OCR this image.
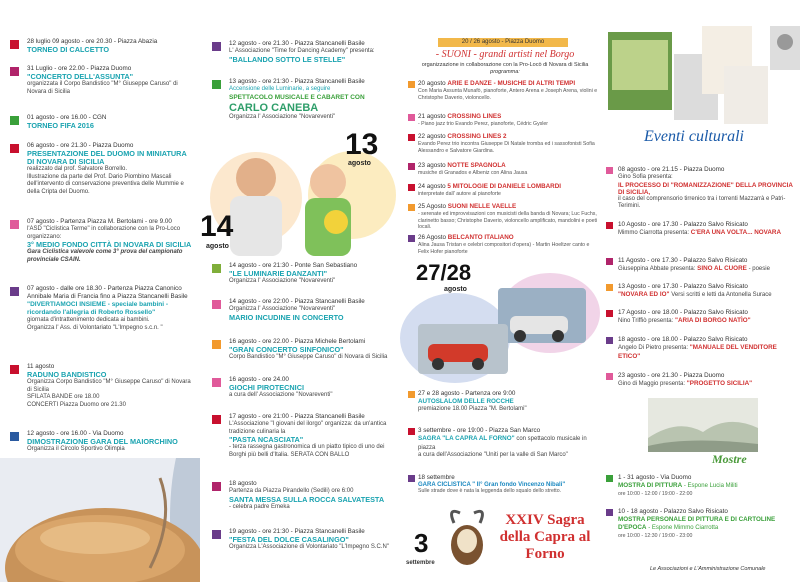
28 luglio 09 agosto - ore 20.30 - Piazza Abazia
TORNEO DI CALCETTO
31 Luglio - ore 22.00 - Piazza Duomo
"CONCERTO DELL'ASSUNTA"
organizzata il Corpo Bandistico "M° Giuseppe Caruso" di Novara di Sicilia
01 agosto - ore 16.00 - CGN
TORNEO FIFA 2016
06 agosto - ore 21.30 - Piazza Duomo
PRESENTAZIONE DEL DUOMO IN MINIATURA DI NOVARA DI SICILIA
realizzato dal prof. Salvatore Borrello.
Illustrazione da parte del Prof. Dario Piombino Mascali dell'intervento di conservazione preventiva delle Mummie e della Cripta del Duomo.
07 agosto - Partenza Piazza M. Bertolami - ore 9.00
l'ASD "Ciclistica Terme" in collaborazione con la Pro-Loco organizzano:
3° MEDIO FONDO CITTÀ DI NOVARA DI SICILIA
Gara Ciclistica valevole come 3° prova del campionato provinciale CSAIN.
07 agosto - dalle ore 18.30 - Partenza Piazza Canonico Annibale Maria di Francia fino a Piazza Stancanelli Basile
"DIVERTIAMOCI INSIEME - speciale bambini - ricordando l'allegria di Roberto Rossello"
giornata d'intrattenimento dedicata ai bambini.
Organizza l' Ass. di Volontariato "L'Impegno s.c.n. "
11 agosto
RADUNO BANDISTICO
Organizza Corpo Bandistico "M° Giuseppe Caruso" di Novara di Sicilia
SFILATA BANDE ore 18.00
CONCERTI Piazza Duomo ore 21.30
12 agosto - ore 16.00 - Via Duomo
DIMOSTRAZIONE GARA DEL MAIORCHINO
Organizza il Circolo Sportivo Olimpia
12 agosto - ore 21.30 - Piazza Stancanelli Basile
L' Associazione "Time for Dancing Academy" presenta:
"BALLANDO SOTTO LE STELLE"
13 agosto - ore 21:30 - Piazza Stancanelli Basile
Accensione delle Luminarie, a seguire
SPETTACOLO MUSICALE E CABARET CON
CARLO CANEBA
Organizza l' Associazione "Novareventi"
13
agosto
14
agosto
14 agosto - ore 21:30 - Ponte San Sebastiano
"LE LUMINARIE DANZANTI"
Organizza l' Associazione "Novareventi"
14 agosto - ore 22:00 - Piazza Stancanelli Basile
Organizza l' Associazione "Novareventi"
MARIO INCUDINE IN CONCERTO
16 agosto - ore 22.00 - Piazza Michele Bertolami
"GRAN CONCERTO SINFONICO"
Corpo Bandistico "M° Giuseppe Caruso" di Novara di Sicilia
16 agosto - ore 24.00
GIOCHI PIROTECNICI
a cura dell' Associazione "Novareventi"
17 agosto - ore 21:00 - Piazza Stancanelli Basile
L'Associazione "I giovani del ilorgo" organizza: da un'antica tradizione culinaria la
"PASTA NCASCIATA"
- terza rassegna gastronomica di un piatto tipico di uno dei Borghi più belli d'Italia. SERATA CON BALLO
18 agosto
Partenza da Piazza Pirandello (Sedili) ore 6:00
SANTA MESSA SULLA ROCCA SALVATESTA
- celebra padre Emeka
19 agosto - ore 21:30 - Piazza Stancanelli Basile
"FESTA DEL DOLCE CASALINGO"
Organizza L'Associazione di Volontariato "L'Impegno S.C.N"
20 / 26 agosto - Piazza Duomo
- SUONI - grandi artisti nel Borgo
organizzazione in collaborazione con la Pro-Locò di Novara di Sicilia
programma:
20 agosto ARIE E DANZE - MUSICHE DI ALTRI TEMPI
Con Maria Assunta Munafò, pianoforte, Antero Arena e Joseph Arena, violini e Christophe Daverio, violoncello.
21 agosto CROSSING LINES
- Piano jazz trio Evando Perez, pianoforte, Cédric Gysler
22 agosto CROSSING LINES 2
Evando Perez trio incontra Giuseppe Di Natale tromba ed i sassofonisti Sofia Alessandro e Salvatore Giardina.
23 agosto NOTTE SPAGNOLA
musiche di Granados e Albeniz con Alina Jausa
24 agosto 5 MITOLOGIE DI DANIELE LOMBARDI
interpretate dall' autore al pianoforte
25 Agosto SUONI NELLE VAELLE
- serenate ed improvvisazioni con musicisti della banda di Novara; Luc Fuchs, clarinetto basso; Christophe Daverio, violoncello amplificato, mandolini e poeti locali.
26 Agosto BELCANTO ITALIANO
Alina Jausa Tristan e celebri compositori d'opera) - Martin Hoeltzer canto e Felix Hofer pianoforte
27/28
agosto
27 e 28 agosto - Partenza ore 9:00
AUTOSLALOM DELLE ROCCHE
premiazione 18.00 Piazza "M. Bertolami"
3 settembre - ore 19:00 - Piazza San Marco
SAGRA "LA CAPRA AL FORNO" con spettacolo musicale in piazza
a cura dell'Associazione "Uniti per la valle di San Marco"
18 settembre
GARA CICLISTICA " II° Gran fondo Vincenzo Nibali"
Sulle strade dove è nata la leggenda dello squalo dello stretto.
3
settembre
XXIV Sagra della Capra al Forno
Eventi culturali
08 agosto - ore 21.15 - Piazza Duomo
Gino Sofia presenta:
IL PROCESSO DI "ROMANIZZAZIONE" DELLA PROVINCIA DI SICILIA,
il caso del comprensorio tirrenico tra i torrenti Mazzarrà e Patri-Terimini.
10 Agosto - ore 17.30 - Palazzo Salvo Risicato
Mimmo Ciarrotta presenta: C'ERA UNA VOLTA... NOVARA
11 Agosto - ore 17.30 - Palazzo Salvo Risicato
Giuseppina Abbate presenta: SINO AL CUORE - poesie
13 Agosto - ore 17.30 - Palazzo Salvo Risicato
"NOVARA ED IO" Versi scritti e letti da Antonella Surace
17 Agosto - ore 18.00 - Palazzo Salvo Risicato
Nino Triffiò presenta: "ARIA DI BORGO NATÌO"
18 agosto - ore 18.00 - Palazzo Salvo Risicato
Angelo Di Pietro presenta: "MANUALE DEL VENDITORE ETICO"
23 agosto - ore 21.30 - Piazza Duomo
Gino di Maggio presenta: "PROGETTO SICILIA"
Mostre
1 - 31 agosto - Via Duomo
MOSTRA DI PITTURA - Espone Lucia Militi
ore 10:00 - 12:00 / 19:00 - 22:00
10 - 18 agosto - Palazzo Salvo Risicato
MOSTRA PERSONALE DI PITTURA E DI CARTOLINE D'EPOCA - Espone Mimmo Ciarrotta
ore 10:00 - 12:30 / 19:00 - 23:00
Le Associazioni e L'Amministrazione Comunale
